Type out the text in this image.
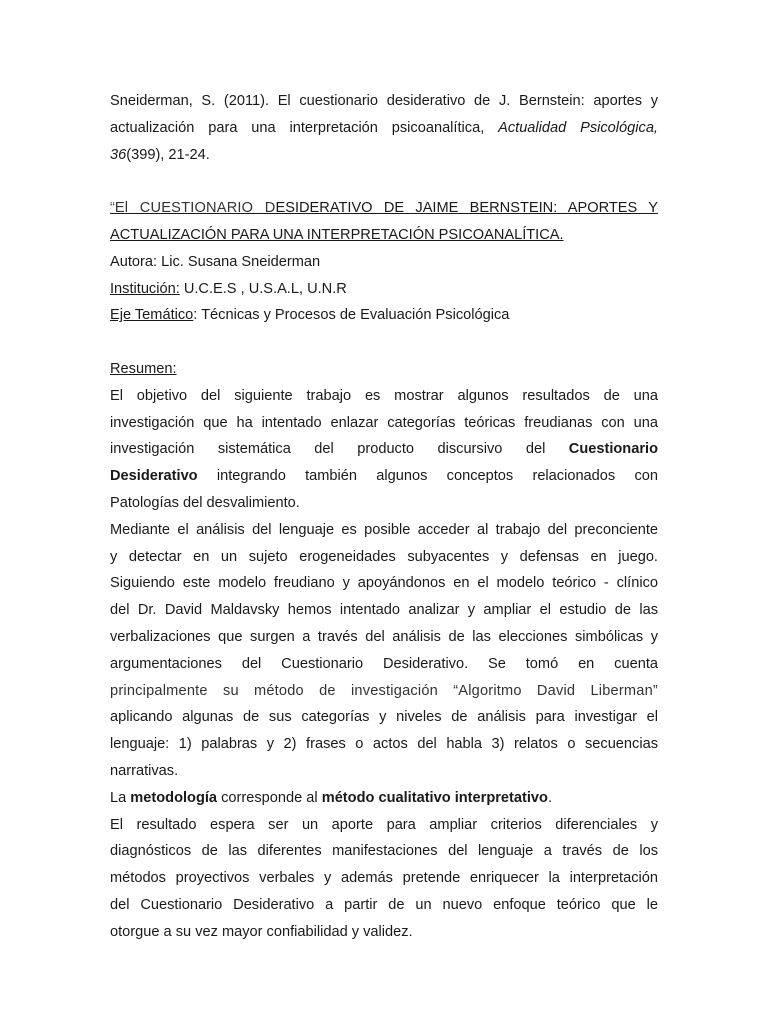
Sneiderman, S. (2011). El cuestionario desiderativo de J. Bernstein: aportes y

actualización para una interpretación psicoanalítica, Actualidad Psicológica,

36(399), 21-24.

“El CUESTIONARIO DESIDERATIVO DE JAIME BERNSTEIN: APORTES Y

ACTUALIZACIÓN PARA UNA INTERPRETACIÓN PSICOANALÍTICA.

Autora: Lic. Susana Sneiderman

Institución: U.C.E.S , U.S.A.L, U.N.R

Eje Temático: Técnicas y Procesos de Evaluación Psicológica

Resumen:

El objetivo del siguiente trabajo es mostrar algunos resultados de una

investigación que ha intentado enlazar categorías teóricas freudianas con una

investigación sistemática del producto discursivo del Cuestionario

Desiderativo integrando también algunos conceptos relacionados con

Patologías del desvalimiento.

Mediante el análisis del lenguaje es posible acceder al trabajo del preconciente

y detectar en un sujeto erogeneidades subyacentes y defensas en juego.

Siguiendo este modelo freudiano y apoyándonos en el modelo teórico - clínico

del Dr. David Maldavsky hemos intentado analizar y ampliar el estudio de las

verbalizaciones que surgen a través del análisis de las elecciones simbólicas y

argumentaciones del Cuestionario Desiderativo. Se tomó en cuenta

principalmente su método de investigación “Algoritmo David Liberman”

aplicando algunas de sus categorías y niveles de análisis para investigar el

lenguaje: 1) palabras y 2) frases o actos del habla 3) relatos o secuencias

narrativas.

La metodología corresponde al método cualitativo interpretativo.

El resultado espera ser un aporte para ampliar criterios diferenciales y

diagnósticos de las diferentes manifestaciones del lenguaje a través de los

métodos proyectivos verbales y además pretende enriquecer la interpretación

del Cuestionario Desiderativo a partir de un nuevo enfoque teórico que le

otorgue a su vez mayor confiabilidad y validez.
